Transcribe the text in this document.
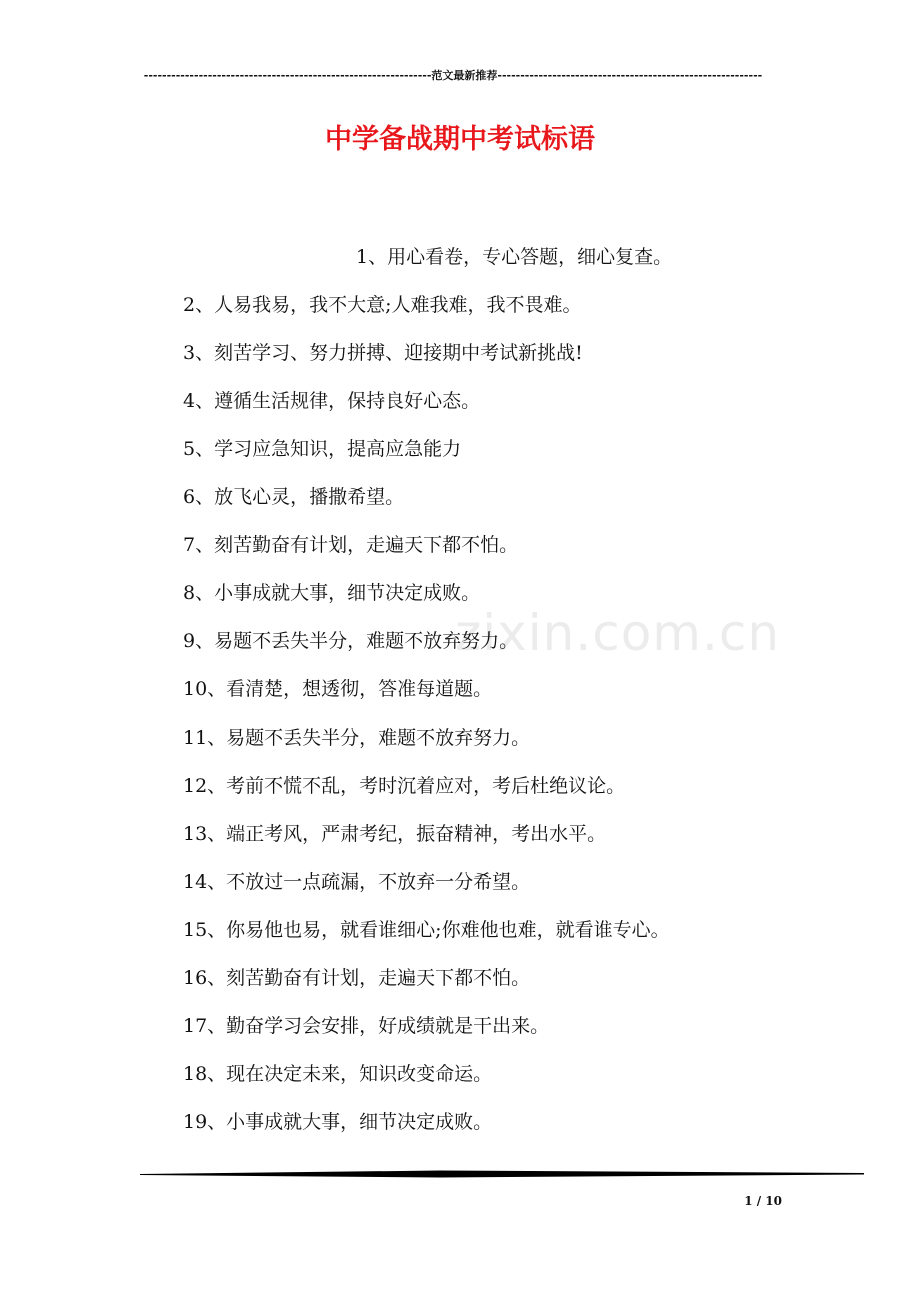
---------------------------------------------------------------范文最新推荐----------------------------------------------------------
中学备战期中考试标语
zixin.com.cn
1、用心看卷，专心答题，细心复查。
2、人易我易，我不大意;人难我难，我不畏难。
3、刻苦学习、努力拼搏、迎接期中考试新挑战!
4、遵循生活规律，保持良好心态。
5、学习应急知识，提高应急能力
6、放飞心灵，播撒希望。
7、刻苦勤奋有计划，走遍天下都不怕。
8、小事成就大事，细节决定成败。
9、易题不丢失半分，难题不放弃努力。
10、看清楚，想透彻，答准每道题。
11、易题不丢失半分，难题不放弃努力。
12、考前不慌不乱，考时沉着应对，考后杜绝议论。
13、端正考风，严肃考纪，振奋精神，考出水平。
14、不放过一点疏漏，不放弃一分希望。
15、你易他也易，就看谁细心;你难他也难，就看谁专心。
16、刻苦勤奋有计划，走遍天下都不怕。
17、勤奋学习会安排，好成绩就是干出来。
18、现在决定未来，知识改变命运。
19、小事成就大事，细节决定成败。
1 / 10
